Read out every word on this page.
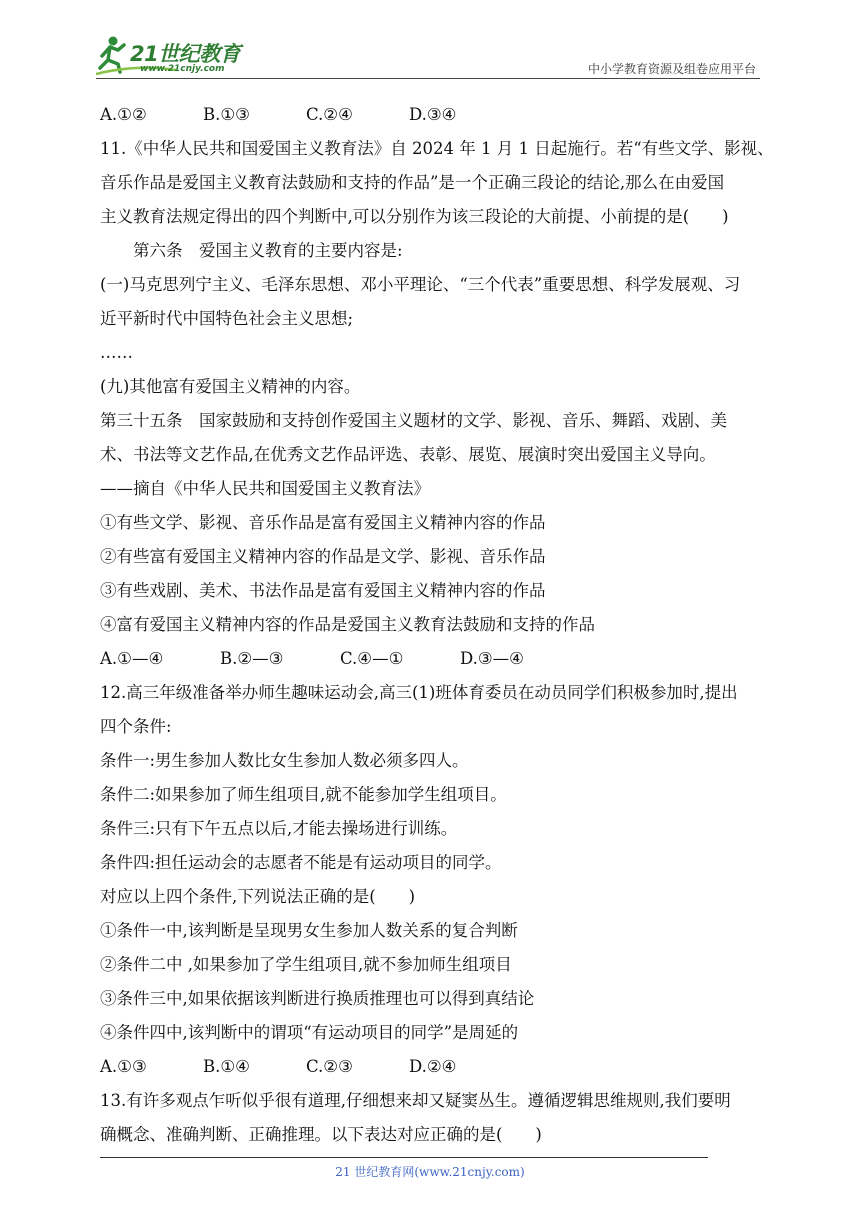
21世纪教育
www.21cnjy.com	中小学教育资源及组卷应用平台
A.①②	B.①③	C.②④	D.③④
11.《中华人民共和国爱国主义教育法》自 2024 年 1 月 1 日起施行。若“有些文学、影视、
音乐作品是爱国主义教育法鼓励和支持的作品”是一个正确三段论的结论,那么在由爱国
主义教育法规定得出的四个判断中,可以分别作为该三段论的大前提、小前提的是(　　)
第六条　爱国主义教育的主要内容是:
(一)马克思列宁主义、毛泽东思想、邓小平理论、“三个代表”重要思想、科学发展观、习
近平新时代中国特色社会主义思想;
……
(九)其他富有爱国主义精神的内容。
第三十五条　国家鼓励和支持创作爱国主义题材的文学、影视、音乐、舞蹈、戏剧、美
术、书法等文艺作品,在优秀文艺作品评选、表彰、展览、展演时突出爱国主义导向。
——摘自《中华人民共和国爱国主义教育法》
①有些文学、影视、音乐作品是富有爱国主义精神内容的作品
②有些富有爱国主义精神内容的作品是文学、影视、音乐作品
③有些戏剧、美术、书法作品是富有爱国主义精神内容的作品
④富有爱国主义精神内容的作品是爱国主义教育法鼓励和支持的作品
A.①—④	B.②—③	C.④—①	D.③—④
12.高三年级准备举办师生趣味运动会,高三(1)班体育委员在动员同学们积极参加时,提出
四个条件:
条件一:男生参加人数比女生参加人数必须多四人。
条件二:如果参加了师生组项目,就不能参加学生组项目。
条件三:只有下午五点以后,才能去操场进行训练。
条件四:担任运动会的志愿者不能是有运动项目的同学。
对应以上四个条件,下列说法正确的是(　　)
①条件一中,该判断是呈现男女生参加人数关系的复合判断
②条件二中 ,如果参加了学生组项目,就不参加师生组项目
③条件三中,如果依据该判断进行换质推理也可以得到真结论
④条件四中,该判断中的谓项“有运动项目的同学”是周延的
A.①③	B.①④	C.②③	D.②④
13.有许多观点乍听似乎很有道理,仔细想来却又疑窦丛生。遵循逻辑思维规则,我们要明
确概念、准确判断、正确推理。以下表达对应正确的是(　　)
21 世纪教育网(www.21cnjy.com)
